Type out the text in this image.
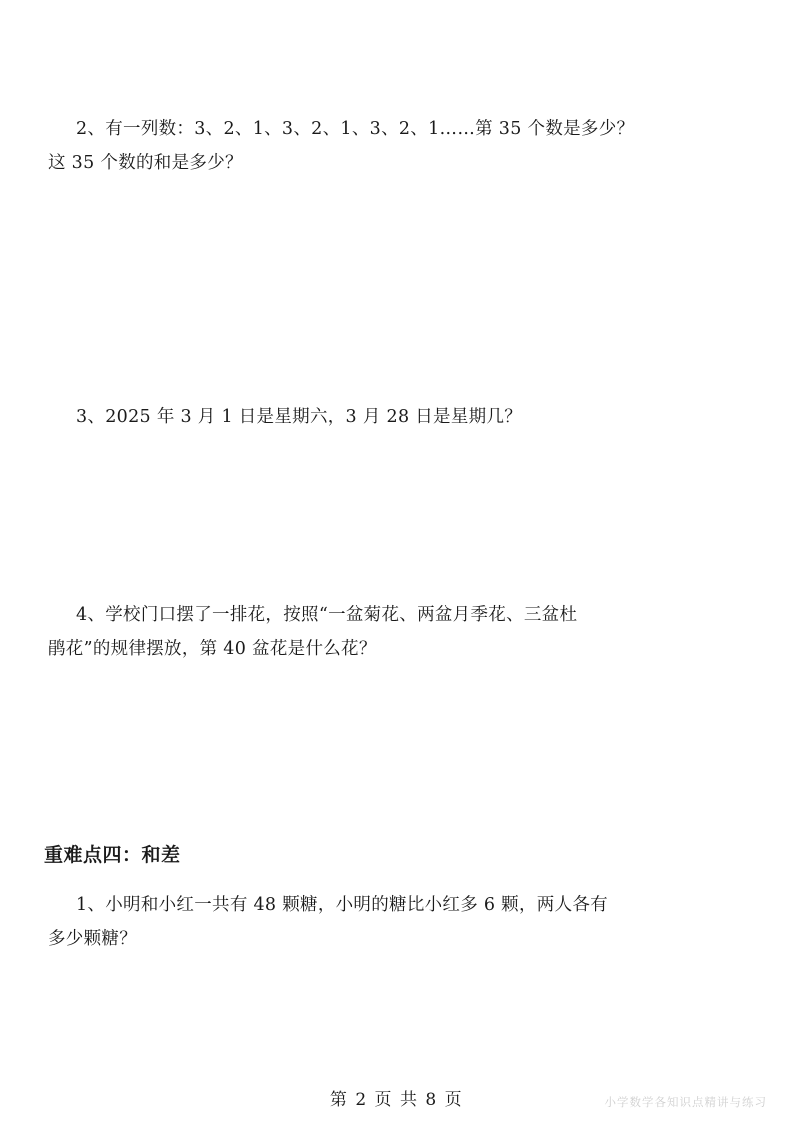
2、有一列数：3、2、1、3、2、1、3、2、1……第 35 个数是多少？
这 35 个数的和是多少？
3、2025 年 3 月 1 日是星期六，3 月 28 日是星期几？
4、学校门口摆了一排花，按照“一盆菊花、两盆月季花、三盆杜
鹃花”的规律摆放，第 40 盆花是什么花？
重难点四：和差
1、小明和小红一共有 48 颗糖，小明的糖比小红多 6 颗，两人各有
多少颗糖？
第 2 页 共 8 页	小学数学各知识点精讲与练习
